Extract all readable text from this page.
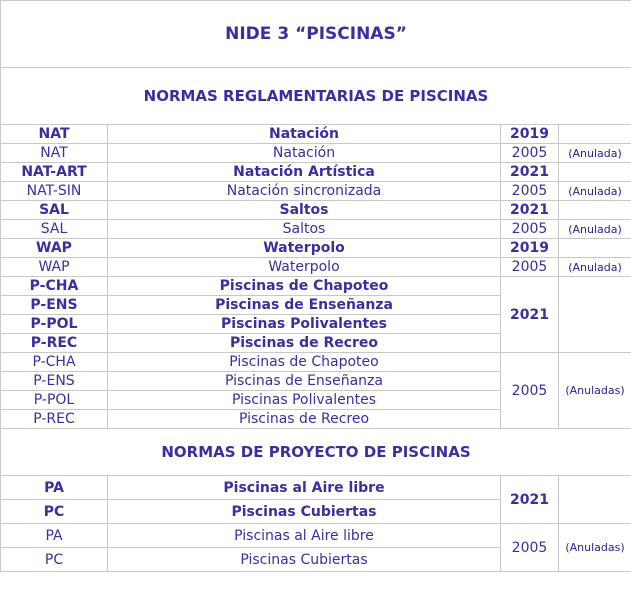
NIDE 3 “PISCINAS”			
NORMAS REGLAMENTARIAS DE PISCINAS			
NAT	Natación	2019	
NAT	Natación	2005	(Anulada)
NAT-ART	Natación Artística	2021	
NAT-SIN	Natación sincronizada	2005	(Anulada)
SAL	Saltos	2021	
SAL	Saltos	2005	(Anulada)
WAP	Waterpolo	2019	
WAP	Waterpolo	2005	(Anulada)
P-CHA	Piscinas de Chapoteo	2021	
P-ENS	Piscinas de Enseñanza		
P-POL	Piscinas Polivalentes		
P-REC	Piscinas de Recreo		
P-CHA	Piscinas de Chapoteo	2005	(Anuladas)
P-ENS	Piscinas de Enseñanza		
P-POL	Piscinas Polivalentes		
P-REC	Piscinas de Recreo		
NORMAS DE PROYECTO DE PISCINAS			
PA	Piscinas al Aire libre	2021	
PC	Piscinas Cubiertas		
PA	Piscinas al Aire libre	2005	(Anuladas)
PC	Piscinas Cubiertas		
